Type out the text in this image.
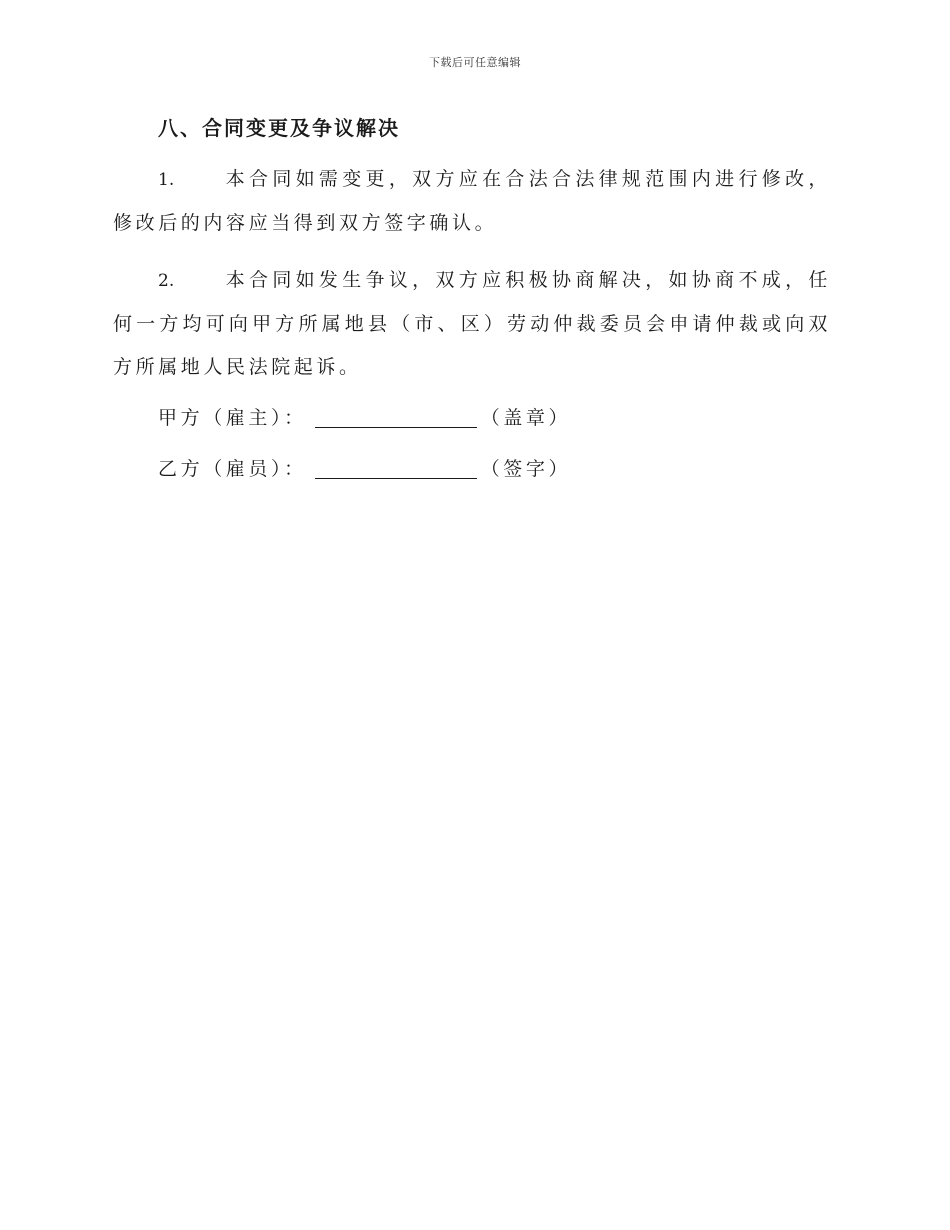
下载后可任意编辑
八、合同变更及争议解决

1.	本合同如需变更，双方应在合法合法律规范围内进行修改，修改后的内容应当得到双方签字确认。

2.	本合同如发生争议，双方应积极协商解决，如协商不成，任何一方均可向甲方所属地县（市、区）劳动仲裁委员会申请仲裁或向双方所属地人民法院起诉。

甲方（雇主）：	（盖章）

乙方（雇员）：	（签字）
